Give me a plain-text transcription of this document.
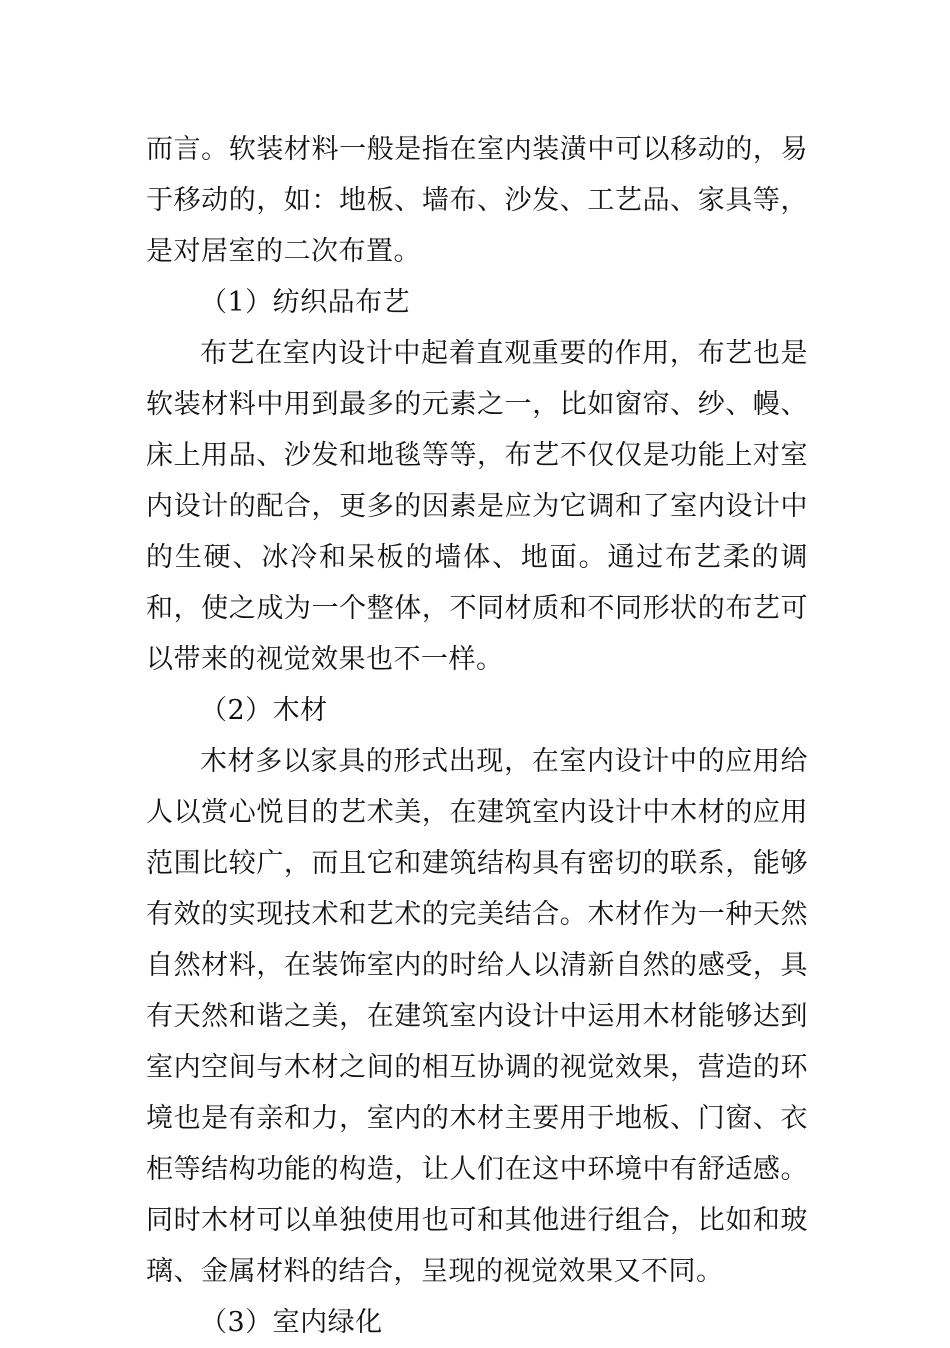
而言。软装材料一般是指在室内装潢中可以移动的，易于移动的，如：地板、墙布、沙发、工艺品、家具等，是对居室的二次布置。

（1）纺织品布艺

布艺在室内设计中起着直观重要的作用，布艺也是软装材料中用到最多的元素之一，比如窗帘、纱、幔、床上用品、沙发和地毯等等，布艺不仅仅是功能上对室内设计的配合，更多的因素是应为它调和了室内设计中的生硬、冰冷和呆板的墙体、地面。通过布艺柔的调和，使之成为一个整体，不同材质和不同形状的布艺可以带来的视觉效果也不一样。

（2）木材

木材多以家具的形式出现，在室内设计中的应用给人以赏心悦目的艺术美，在建筑室内设计中木材的应用范围比较广，而且它和建筑结构具有密切的联系，能够有效的实现技术和艺术的完美结合。木材作为一种天然自然材料，在装饰室内的时给人以清新自然的感受，具有天然和谐之美，在建筑室内设计中运用木材能够达到室内空间与木材之间的相互协调的视觉效果，营造的环境也是有亲和力，室内的木材主要用于地板、门窗、衣柜等结构功能的构造，让人们在这中环境中有舒适感。同时木材可以单独使用也可和其他进行组合，比如和玻璃、金属材料的结合，呈现的视觉效果又不同。

（3）室内绿化
